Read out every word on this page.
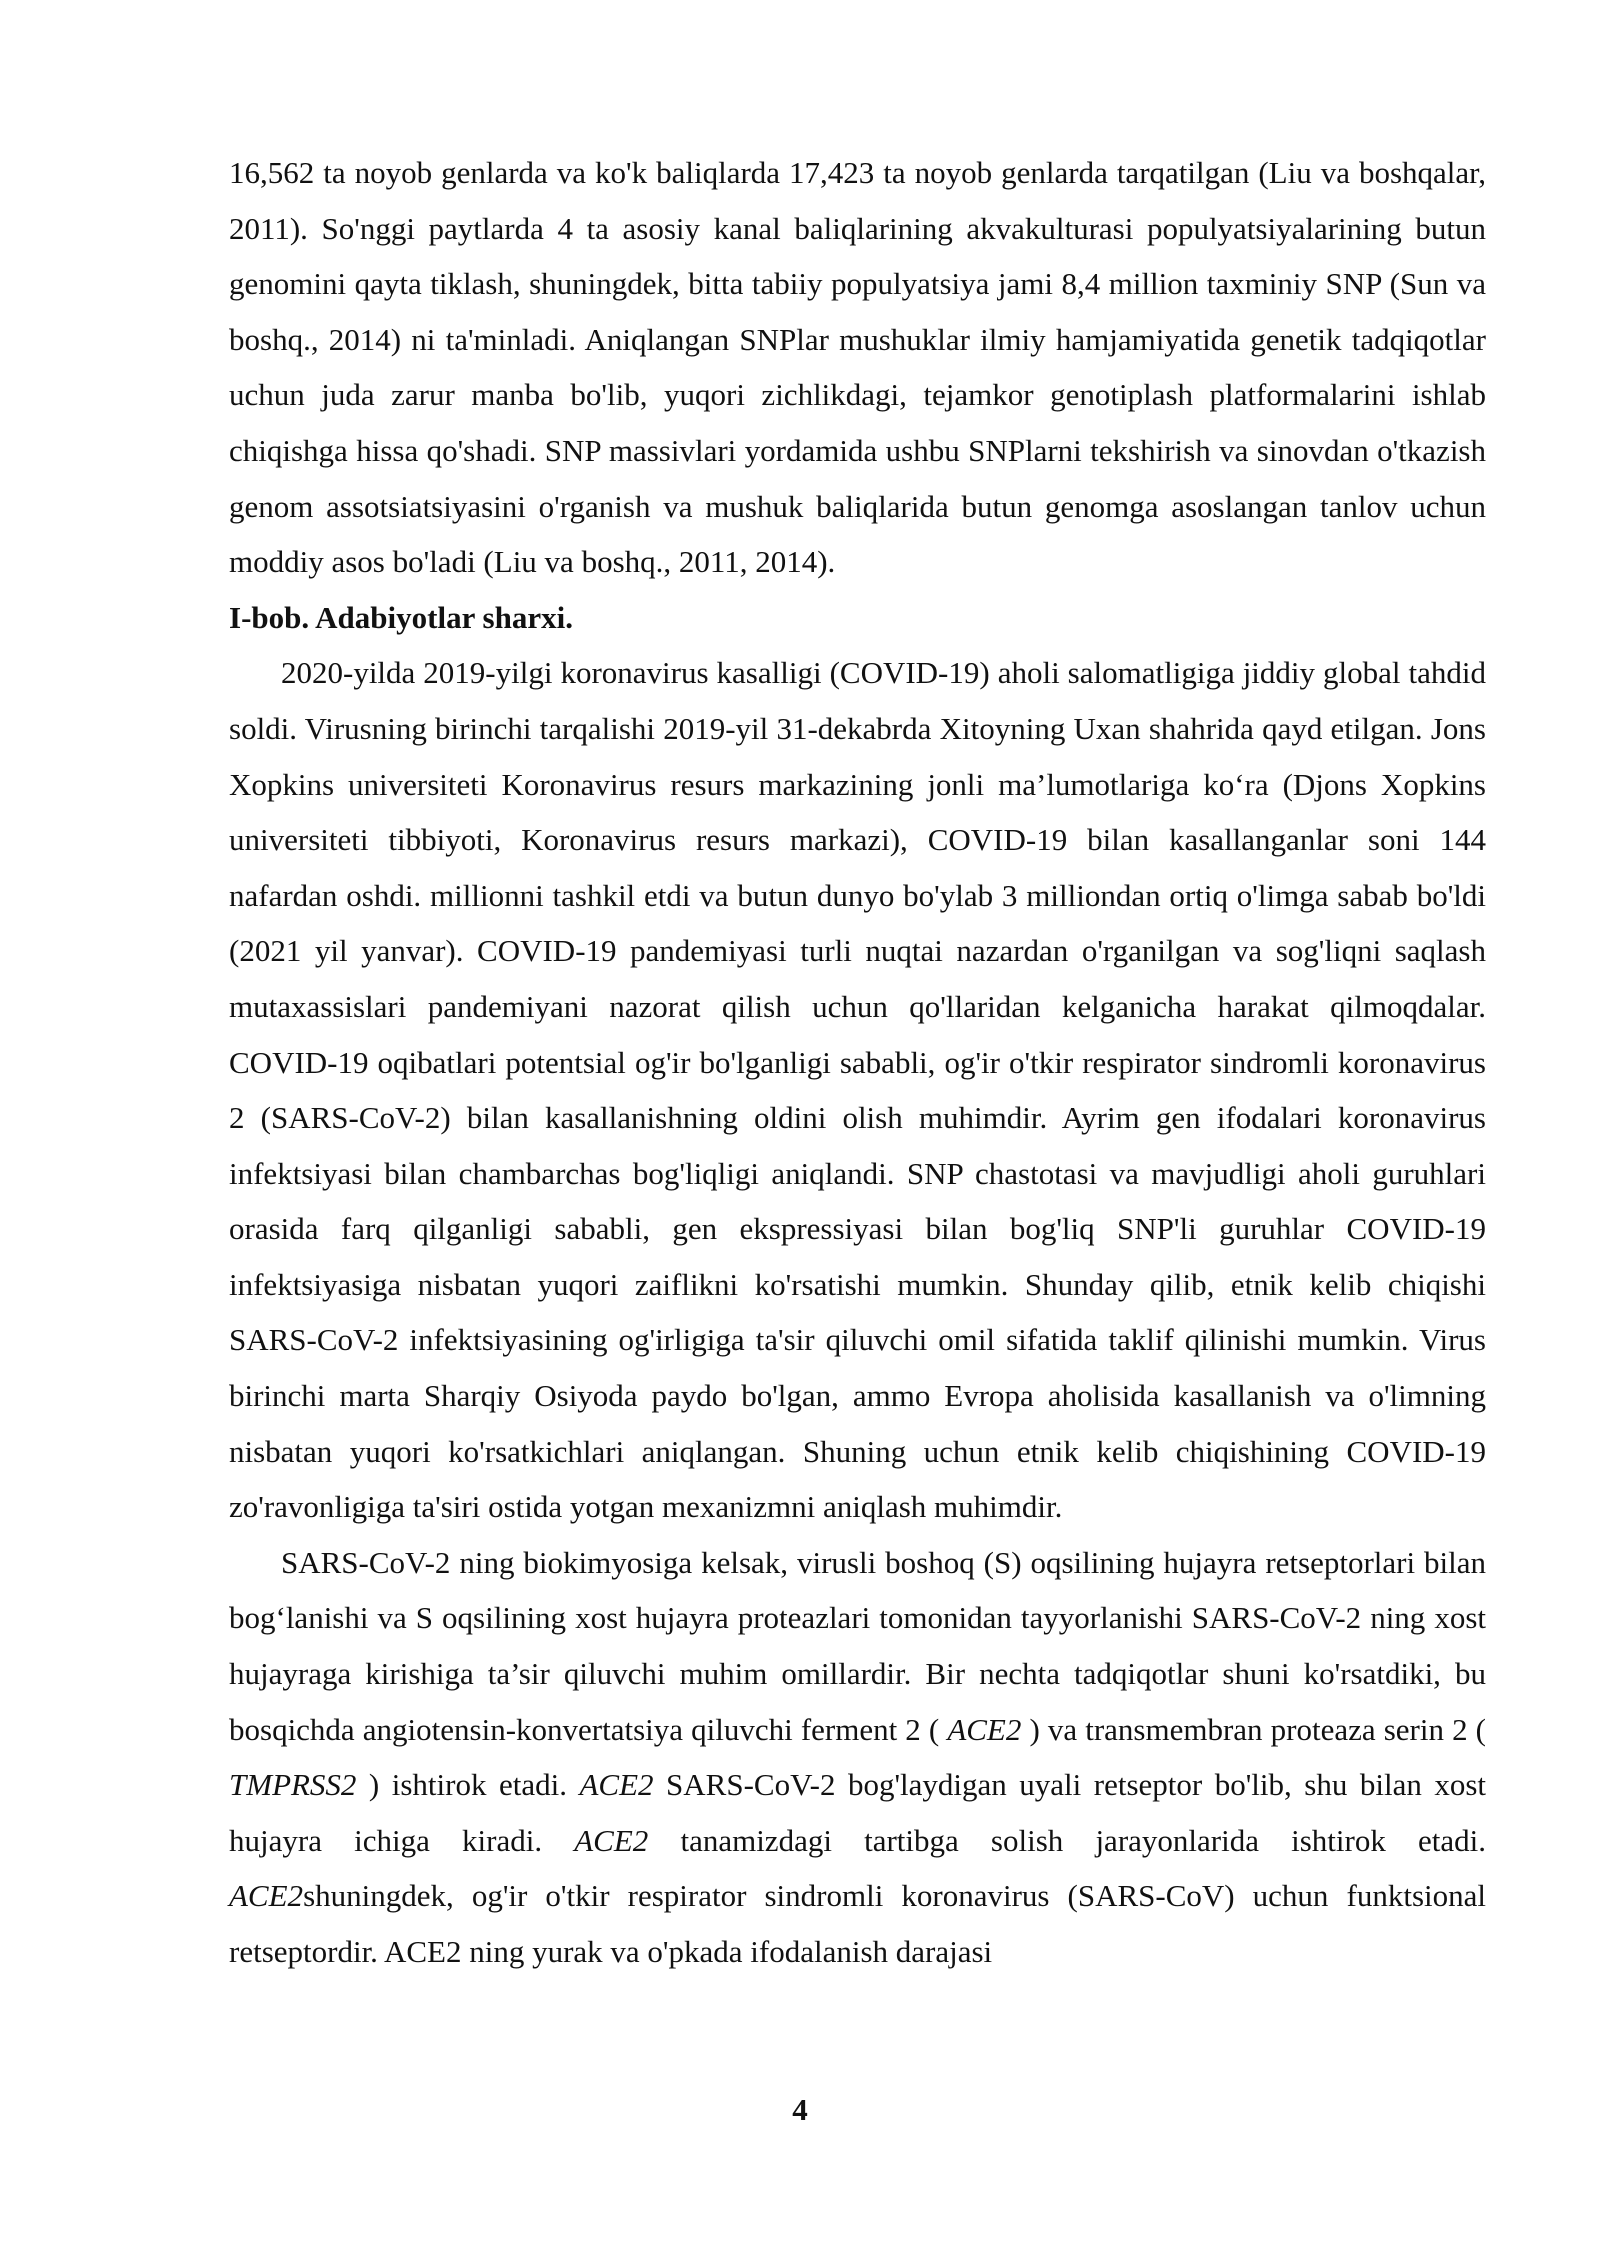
16,562 ta noyob genlarda va ko'k baliqlarda 17,423 ta noyob genlarda tarqatilgan (Liu va boshqalar, 2011). So'nggi paytlarda 4 ta asosiy kanal baliqlarining akvakulturasi populyatsiyalarining butun genomini qayta tiklash, shuningdek, bitta tabiiy populyatsiya jami 8,4 million taxminiy SNP (Sun va boshq., 2014) ni ta'minladi. Aniqlangan SNPlar mushuklar ilmiy hamjamiyatida genetik tadqiqotlar uchun juda zarur manba bo'lib, yuqori zichlikdagi, tejamkor genotiplash platformalarini ishlab chiqishga hissa qo'shadi. SNP massivlari yordamida ushbu SNPlarni tekshirish va sinovdan o'tkazish genom assotsiatsiyasini o'rganish va mushuk baliqlarida butun genomga asoslangan tanlov uchun moddiy asos bo'ladi (Liu va boshq., 2011, 2014).

I-bob. Adabiyotlar sharxi.

2020-yilda 2019-yilgi koronavirus kasalligi (COVID-19) aholi salomatligiga jiddiy global tahdid soldi. Virusning birinchi tarqalishi 2019-yil 31-dekabrda Xitoyning Uxan shahrida qayd etilgan. Jons Xopkins universiteti Koronavirus resurs markazining jonli ma’lumotlariga ko‘ra (Djons Xopkins universiteti tibbiyoti, Koronavirus resurs markazi), COVID-19 bilan kasallanganlar soni 144 nafardan oshdi. millionni tashkil etdi va butun dunyo bo'ylab 3 milliondan ortiq o'limga sabab bo'ldi (2021 yil yanvar). COVID-19 pandemiyasi turli nuqtai nazardan o'rganilgan va sog'liqni saqlash mutaxassislari pandemiyani nazorat qilish uchun qo'llaridan kelganicha harakat qilmoqdalar. COVID-19 oqibatlari potentsial og'ir bo'lganligi sababli, og'ir o'tkir respirator sindromli koronavirus 2 (SARS-CoV-2) bilan kasallanishning oldini olish muhimdir. Ayrim gen ifodalari koronavirus infektsiyasi bilan chambarchas bog'liqligi aniqlandi. SNP chastotasi va mavjudligi aholi guruhlari orasida farq qilganligi sababli, gen ekspressiyasi bilan bog'liq SNP'li guruhlar COVID-19 infektsiyasiga nisbatan yuqori zaiflikni ko'rsatishi mumkin. Shunday qilib, etnik kelib chiqishi SARS-CoV-2 infektsiyasining og'irligiga ta'sir qiluvchi omil sifatida taklif qilinishi mumkin. Virus birinchi marta Sharqiy Osiyoda paydo bo'lgan, ammo Evropa aholisida kasallanish va o'limning nisbatan yuqori ko'rsatkichlari aniqlangan. Shuning uchun etnik kelib chiqishining COVID-19 zo'ravonligiga ta'siri ostida yotgan mexanizmni aniqlash muhimdir.

SARS-CoV-2 ning biokimyosiga kelsak, virusli boshoq (S) oqsilining hujayra retseptorlari bilan bog‘lanishi va S oqsilining xost hujayra proteazlari tomonidan tayyorlanishi SARS-CoV-2 ning xost hujayraga kirishiga ta’sir qiluvchi muhim omillardir. Bir nechta tadqiqotlar shuni ko'rsatdiki, bu bosqichda angiotensin-konvertatsiya qiluvchi ferment 2 ( ACE2 ) va transmembran proteaza serin 2 ( TMPRSS2 ) ishtirok etadi. ACE2 SARS-CoV-2 bog'laydigan uyali retseptor bo'lib, shu bilan xost hujayra ichiga kiradi. ACE2 tanamizdagi tartibga solish jarayonlarida ishtirok etadi. ACE2shuningdek, og'ir o'tkir respirator sindromli koronavirus (SARS-CoV) uchun funktsional retseptordir. ACE2 ning yurak va o'pkada ifodalanish darajasi

4
